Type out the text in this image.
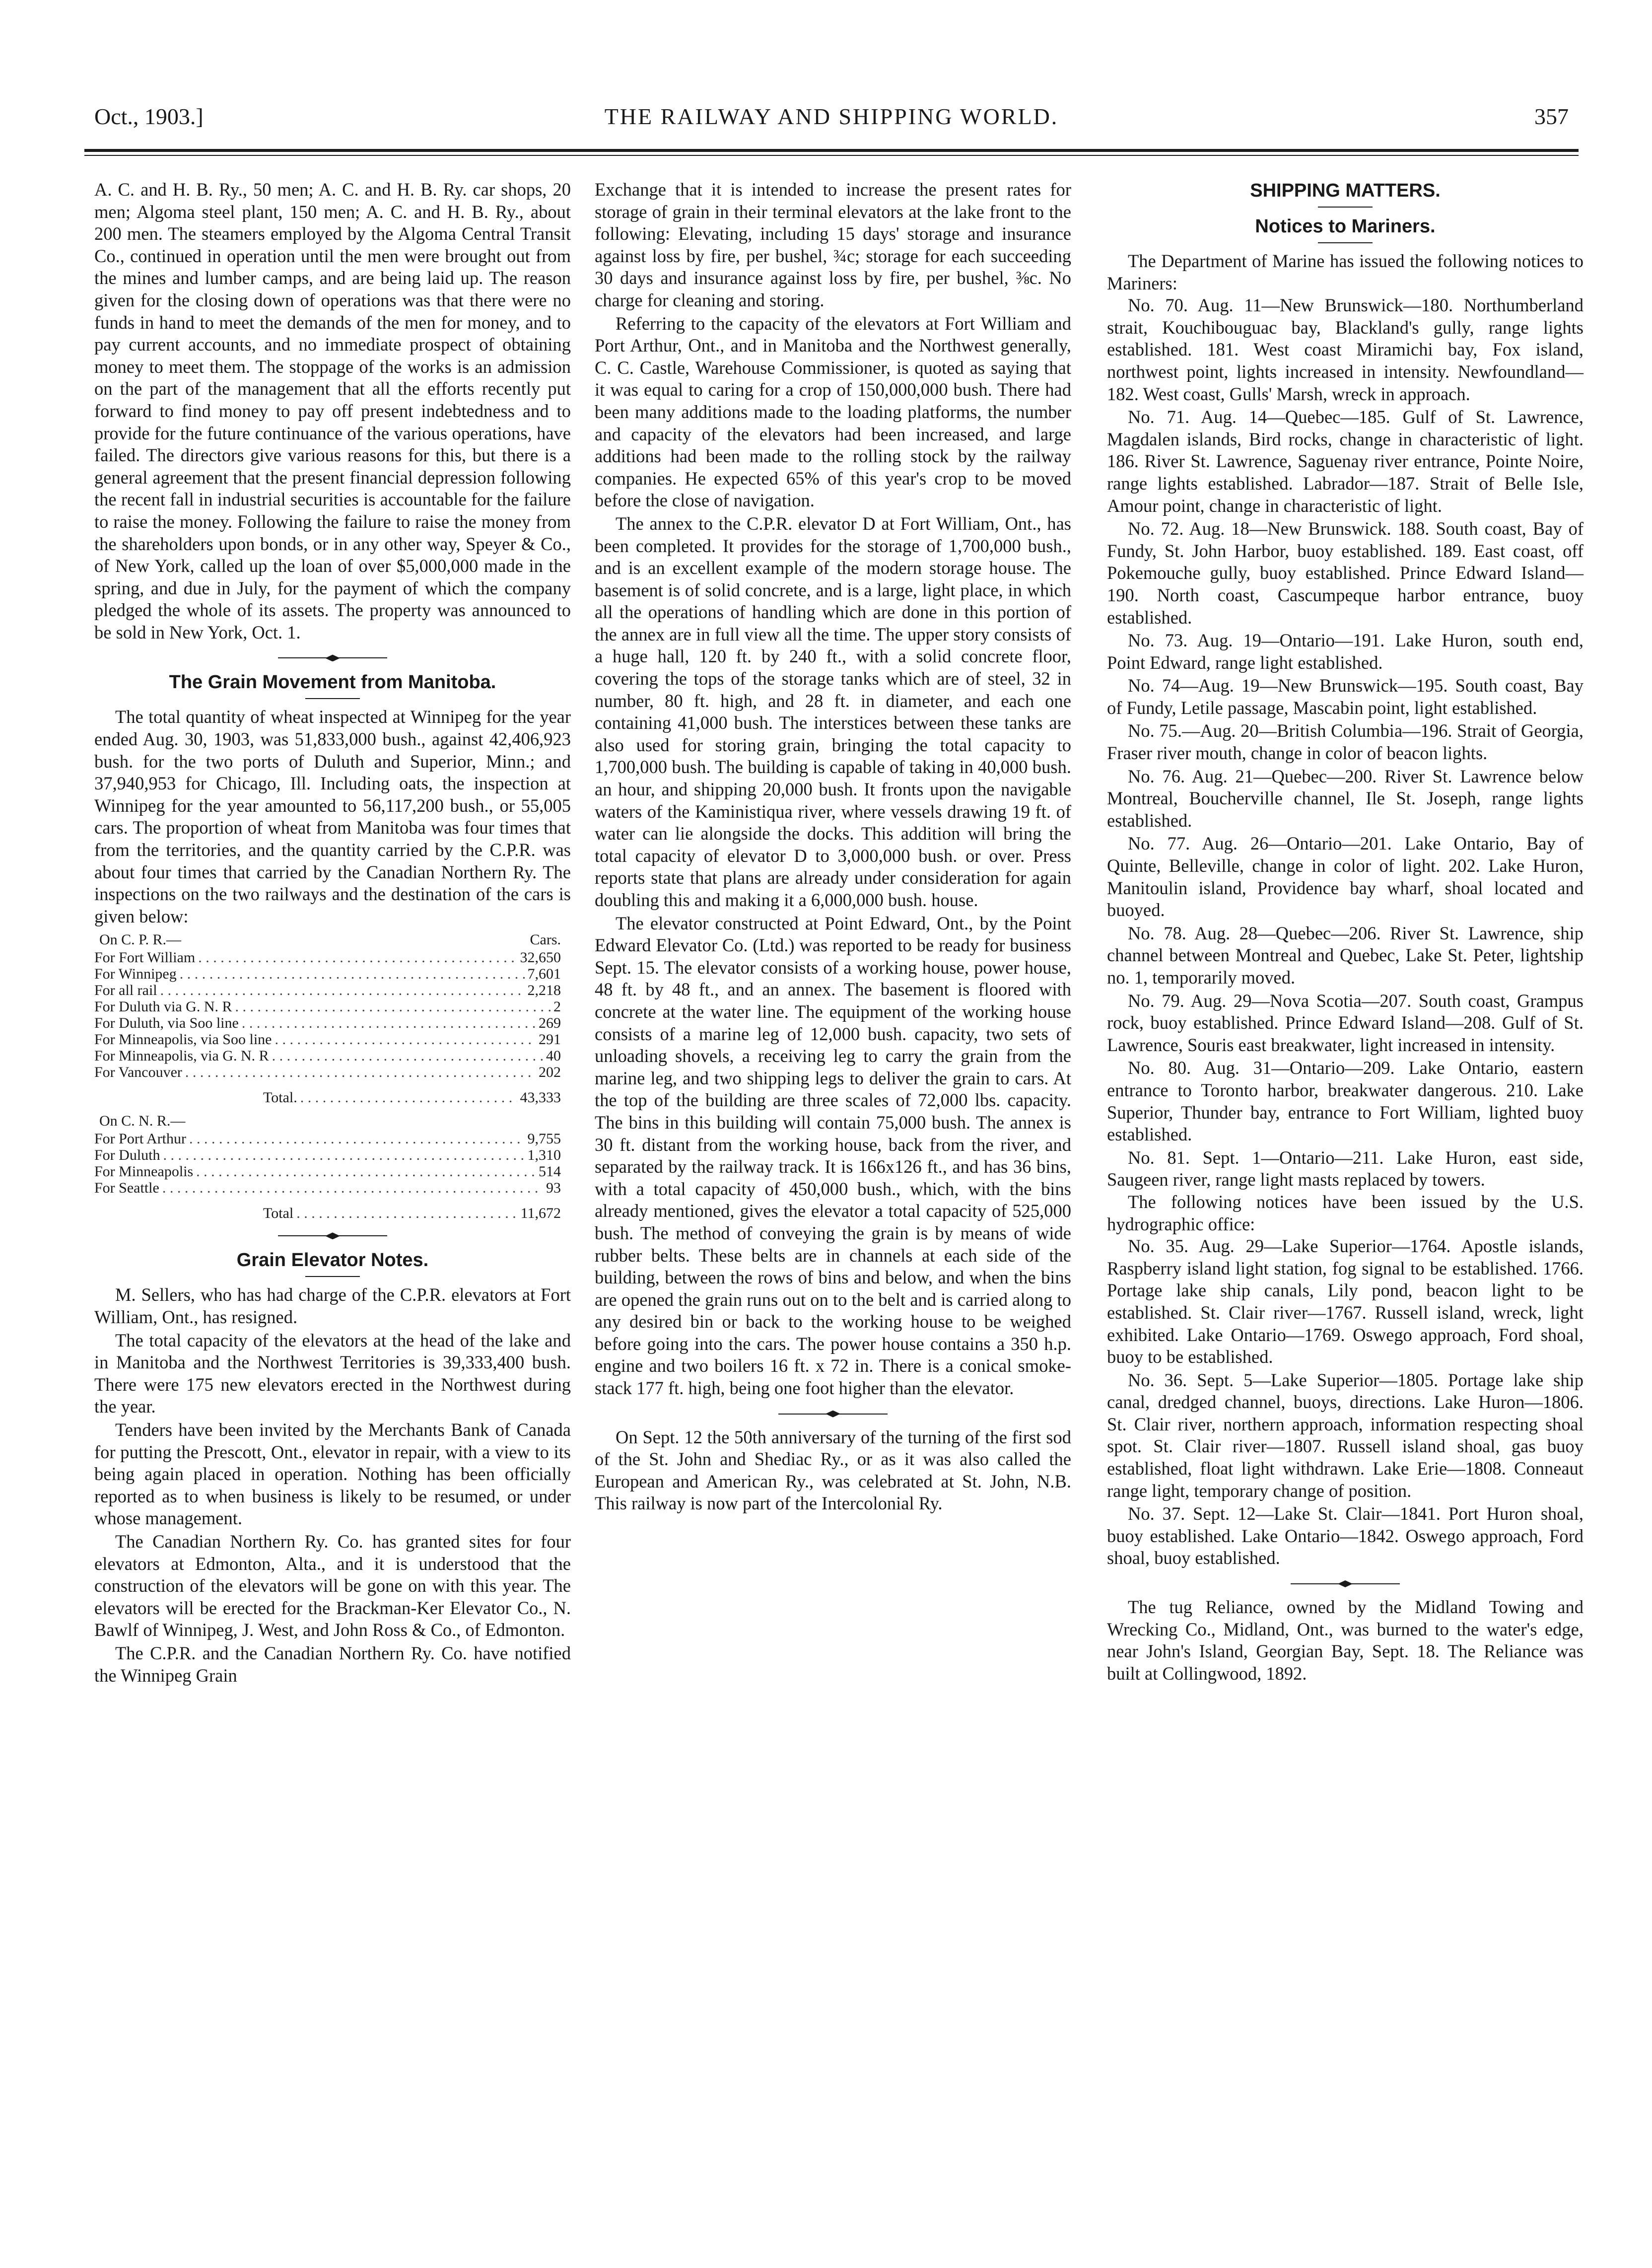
Oct., 1903.]	THE RAILWAY AND SHIPPING WORLD.	357

A. C. and H. B. Ry., 50 men; A. C. and H. B. Ry. car shops, 20 men; Algoma steel plant, 150 men; A. C. and H. B. Ry., about 200 men. The steamers employed by the Algoma Central Transit Co., continued in operation until the men were brought out from the mines and lumber camps, and are being laid up. The reason given for the closing down of operations was that there were no funds in hand to meet the demands of the men for money, and to pay current accounts, and no immediate prospect of obtaining money to meet them. The stoppage of the works is an admission on the part of the management that all the efforts recently put forward to find money to pay off present indebtedness and to provide for the future continuance of the various operations, have failed. The directors give various reasons for this, but there is a general agreement that the present financial depression following the recent fall in industrial securities is accountable for the failure to raise the money. Following the failure to raise the money from the shareholders upon bonds, or in any other way, Speyer & Co., of New York, called up the loan of over $5,000,000 made in the spring, and due in July, for the payment of which the company pledged the whole of its assets. The property was announced to be sold in New York, Oct. 1.

The Grain Movement from Manitoba.

The total quantity of wheat inspected at Winnipeg for the year ended Aug. 30, 1903, was 51,833,000 bush., against 42,406,923 bush. for the two ports of Duluth and Superior, Minn.; and 37,940,953 for Chicago, Ill. Including oats, the inspection at Winnipeg for the year amounted to 56,117,200 bush., or 55,005 cars. The proportion of wheat from Manitoba was four times that from the territories, and the quantity carried by the C.P.R. was about four times that carried by the Canadian Northern Ry. The inspections on the two railways and the destination of the cars is given below:

On C. P. R.—	Cars.
For Fort William . . .	32,650
For Winnipeg . . .	7,601
For all rail . . .	2,218
For Duluth via G. N. R . . .	2
For Duluth, via Soo line . . .	269
For Minneapolis, via Soo line . . .	291
For Minneapolis, via G. N. R . . .	40
For Vancouver . . .	202
Total. . . .	43,333
On C. N. R.—
For Port Arthur . . .	9,755
For Duluth . . .	1,310
For Minneapolis . . .	514
For Seattle . . .	93
Total . . .	11,672
Grain Elevator Notes.

M. Sellers, who has had charge of the C.P.R. elevators at Fort William, Ont., has resigned.

The total capacity of the elevators at the head of the lake and in Manitoba and the Northwest Territories is 39,333,400 bush. There were 175 new elevators erected in the Northwest during the year.

Tenders have been invited by the Merchants Bank of Canada for putting the Prescott, Ont., elevator in repair, with a view to its being again placed in operation. Nothing has been officially reported as to when business is likely to be resumed, or under whose management.

The Canadian Northern Ry. Co. has granted sites for four elevators at Edmonton, Alta., and it is understood that the construction of the elevators will be gone on with this year. The elevators will be erected for the Brackman-Ker Elevator Co., N. Bawlf of Winnipeg, J. West, and John Ross & Co., of Edmonton.

The C.P.R. and the Canadian Northern Ry. Co. have notified the Winnipeg Grain

Exchange that it is intended to increase the present rates for storage of grain in their terminal elevators at the lake front to the following: Elevating, including 15 days' storage and insurance against loss by fire, per bushel, ¾c; storage for each succeeding 30 days and insurance against loss by fire, per bushel, ⅜c. No charge for cleaning and storing.

Referring to the capacity of the elevators at Fort William and Port Arthur, Ont., and in Manitoba and the Northwest generally, C. C. Castle, Warehouse Commissioner, is quoted as saying that it was equal to caring for a crop of 150,000,000 bush. There had been many additions made to the loading platforms, the number and capacity of the elevators had been increased, and large additions had been made to the rolling stock by the railway companies. He expected 65% of this year's crop to be moved before the close of navigation.

The annex to the C.P.R. elevator D at Fort William, Ont., has been completed. It provides for the storage of 1,700,000 bush., and is an excellent example of the modern storage house. The basement is of solid concrete, and is a large, light place, in which all the operations of handling which are done in this portion of the annex are in full view all the time. The upper story consists of a huge hall, 120 ft. by 240 ft., with a solid concrete floor, covering the tops of the storage tanks which are of steel, 32 in number, 80 ft. high, and 28 ft. in diameter, and each one containing 41,000 bush. The interstices between these tanks are also used for storing grain, bringing the total capacity to 1,700,000 bush. The building is capable of taking in 40,000 bush. an hour, and shipping 20,000 bush. It fronts upon the navigable waters of the Kaministiqua river, where vessels drawing 19 ft. of water can lie alongside the docks. This addition will bring the total capacity of elevator D to 3,000,000 bush. or over. Press reports state that plans are already under consideration for again doubling this and making it a 6,000,000 bush. house.

The elevator constructed at Point Edward, Ont., by the Point Edward Elevator Co. (Ltd.) was reported to be ready for business Sept. 15. The elevator consists of a working house, power house, 48 ft. by 48 ft., and an annex. The basement is floored with concrete at the water line. The equipment of the working house consists of a marine leg of 12,000 bush. capacity, two sets of unloading shovels, a receiving leg to carry the grain from the marine leg, and two shipping legs to deliver the grain to cars. At the top of the building are three scales of 72,000 lbs. capacity. The bins in this building will contain 75,000 bush. The annex is 30 ft. distant from the working house, back from the river, and separated by the railway track. It is 166x126 ft., and has 36 bins, with a total capacity of 450,000 bush., which, with the bins already mentioned, gives the elevator a total capacity of 525,000 bush. The method of conveying the grain is by means of wide rubber belts. These belts are in channels at each side of the building, between the rows of bins and below, and when the bins are opened the grain runs out on to the belt and is carried along to any desired bin or back to the working house to be weighed before going into the cars. The power house contains a 350 h.p. engine and two boilers 16 ft. x 72 in. There is a conical smoke-stack 177 ft. high, being one foot higher than the elevator.

On Sept. 12 the 50th anniversary of the turning of the first sod of the St. John and Shediac Ry., or as it was also called the European and American Ry., was celebrated at St. John, N.B. This railway is now part of the Intercolonial Ry.

SHIPPING MATTERS.
Notices to Mariners.

The Department of Marine has issued the following notices to Mariners:

No. 70. Aug. 11—New Brunswick—180. Northumberland strait, Kouchibouguac bay, Blackland's gully, range lights established. 181. West coast Miramichi bay, Fox island, northwest point, lights increased in intensity. Newfoundland—182. West coast, Gulls' Marsh, wreck in approach.

No. 71. Aug. 14—Quebec—185. Gulf of St. Lawrence, Magdalen islands, Bird rocks, change in characteristic of light. 186. River St. Lawrence, Saguenay river entrance, Pointe Noire, range lights established. Labrador—187. Strait of Belle Isle, Amour point, change in characteristic of light.

No. 72. Aug. 18—New Brunswick. 188. South coast, Bay of Fundy, St. John Harbor, buoy established. 189. East coast, off Pokemouche gully, buoy established. Prince Edward Island—190. North coast, Cascumpeque harbor entrance, buoy established.

No. 73. Aug. 19—Ontario—191. Lake Huron, south end, Point Edward, range light established.

No. 74—Aug. 19—New Brunswick—195. South coast, Bay of Fundy, Letile passage, Mascabin point, light established.

No. 75.—Aug. 20—British Columbia—196. Strait of Georgia, Fraser river mouth, change in color of beacon lights.

No. 76. Aug. 21—Quebec—200. River St. Lawrence below Montreal, Boucherville channel, Ile St. Joseph, range lights established.

No. 77. Aug. 26—Ontario—201. Lake Ontario, Bay of Quinte, Belleville, change in color of light. 202. Lake Huron, Manitoulin island, Providence bay wharf, shoal located and buoyed.

No. 78. Aug. 28—Quebec—206. River St. Lawrence, ship channel between Montreal and Quebec, Lake St. Peter, lightship no. 1, temporarily moved.

No. 79. Aug. 29—Nova Scotia—207. South coast, Grampus rock, buoy established. Prince Edward Island—208. Gulf of St. Lawrence, Souris east breakwater, light increased in intensity.

No. 80. Aug. 31—Ontario—209. Lake Ontario, eastern entrance to Toronto harbor, breakwater dangerous. 210. Lake Superior, Thunder bay, entrance to Fort William, lighted buoy established.

No. 81. Sept. 1—Ontario—211. Lake Huron, east side, Saugeen river, range light masts replaced by towers.

The following notices have been issued by the U.S. hydrographic office:

No. 35. Aug. 29—Lake Superior—1764. Apostle islands, Raspberry island light station, fog signal to be established. 1766. Portage lake ship canals, Lily pond, beacon light to be established. St. Clair river—1767. Russell island, wreck, light exhibited. Lake Ontario—1769. Oswego approach, Ford shoal, buoy to be established.

No. 36. Sept. 5—Lake Superior—1805. Portage lake ship canal, dredged channel, buoys, directions. Lake Huron—1806. St. Clair river, northern approach, information respecting shoal spot. St. Clair river—1807. Russell island shoal, gas buoy established, float light withdrawn. Lake Erie—1808. Conneaut range light, temporary change of position.

No. 37. Sept. 12—Lake St. Clair—1841. Port Huron shoal, buoy established. Lake Ontario—1842. Oswego approach, Ford shoal, buoy established.

The tug Reliance, owned by the Midland Towing and Wrecking Co., Midland, Ont., was burned to the water's edge, near John's Island, Georgian Bay, Sept. 18. The Reliance was built at Collingwood, 1892.
